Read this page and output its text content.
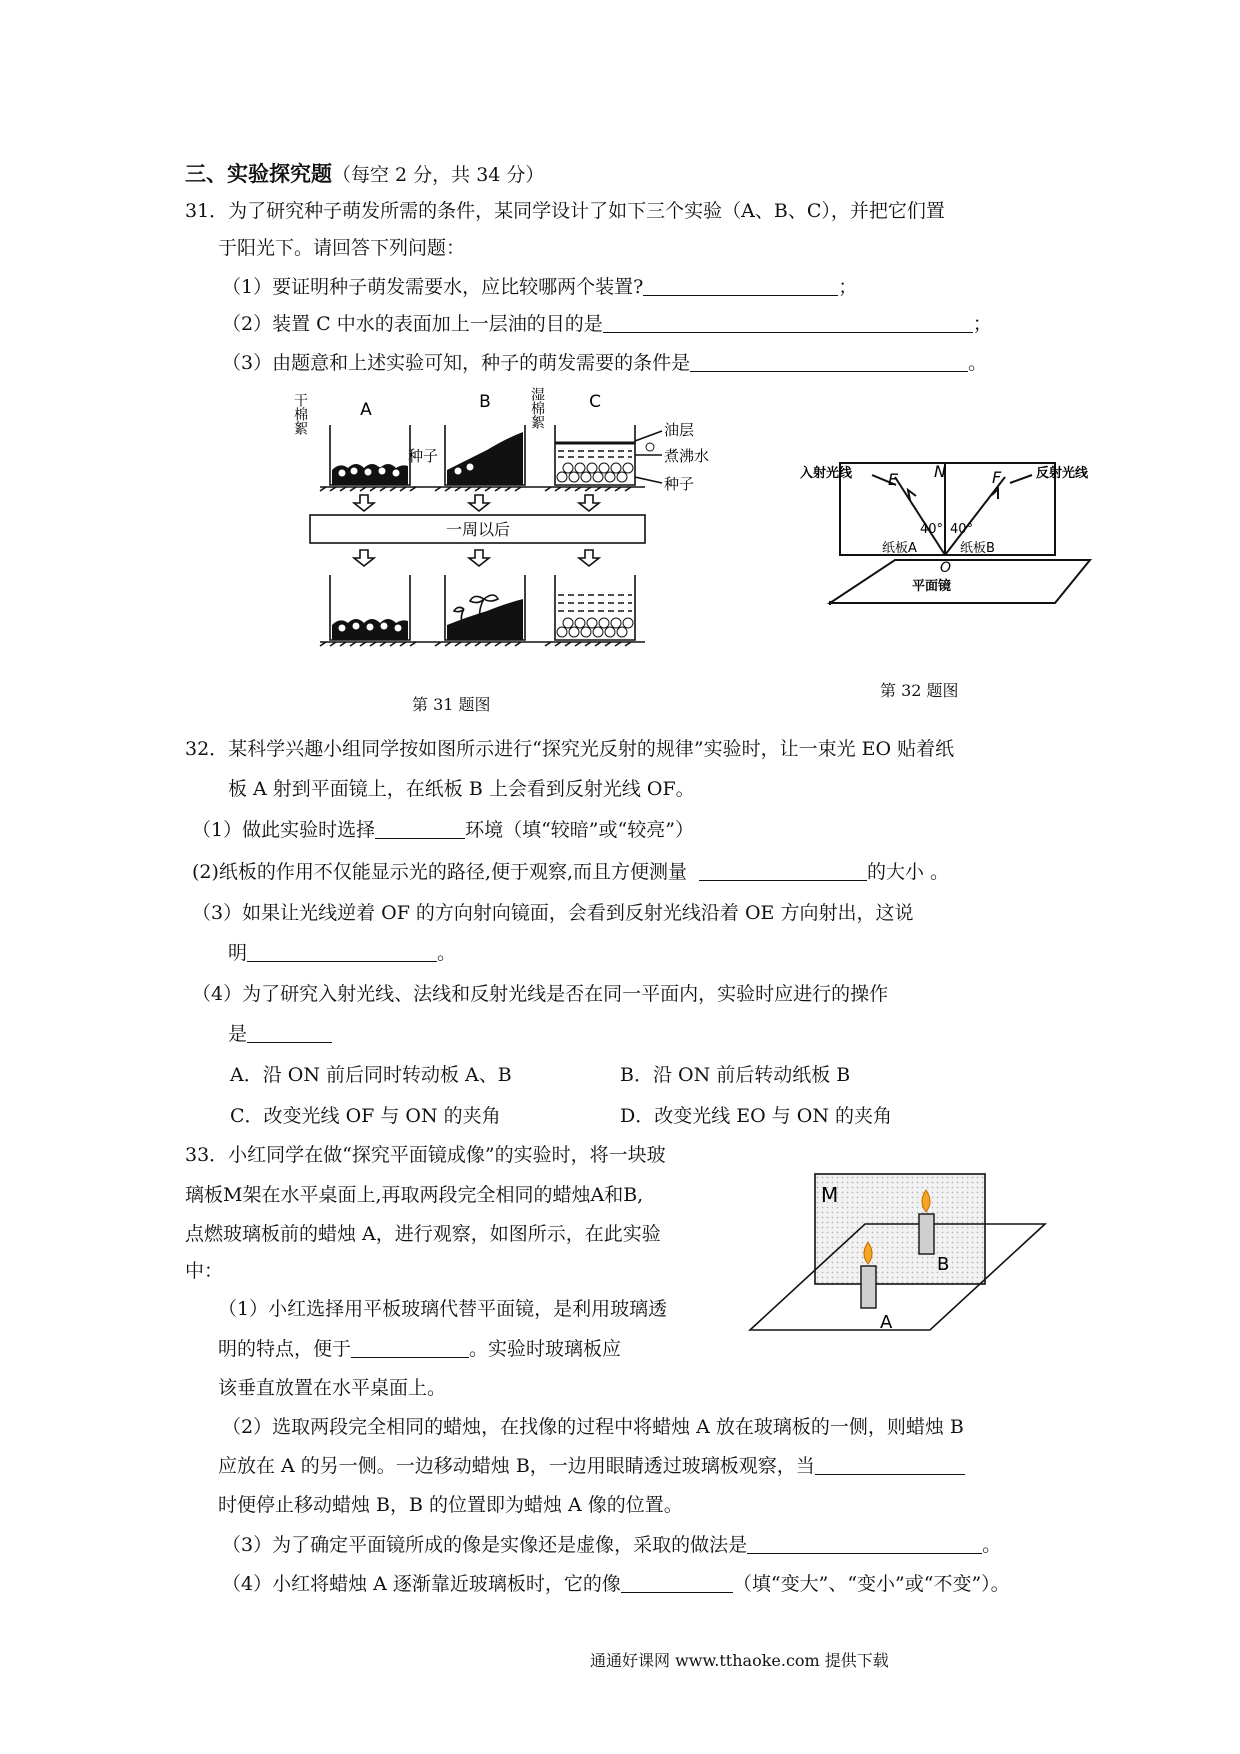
三、实验探究题（每空 2 分，共 34 分）
31．为了研究种子萌发所需的条件，某同学设计了如下三个实验（A、B、C），并把它们置
于阳光下。请回答下列问题：
（1）要证明种子萌发需要水，应比较哪两个装置?	；
（2）装置 C 中水的表面加上一层油的目的是	；
（3）由题意和上述实验可知，种子的萌发需要的条件是	。
A	B	C
干棉絮	湿棉絮
种子
油层
煮沸水
种子
一周以后
第 31 题图
入射光线	反射光线
E N	F
40° 40°
纸板A	纸板B
O
平面镜
第 32 题图
32．某科学兴趣小组同学按如图所示进行“探究光反射的规律”实验时，让一束光 EO 贴着纸
板 A 射到平面镜上，在纸板 B 上会看到反射光线 OF。
（1）做此实验时选择	环境（填“较暗”或“较亮”）
(2)纸板的作用不仅能显示光的路径,便于观察,而且方便测量	的大小 。
（3）如果让光线逆着 OF 的方向射向镜面，会看到反射光线沿着 OE 方向射出，这说
明	。
（4）为了研究入射光线、法线和反射光线是否在同一平面内，实验时应进行的操作
是
A．沿 ON 前后同时转动板 A、B	B．沿 ON 前后转动纸板 B
C．改变光线 OF 与 ON 的夹角	D．改变光线 EO 与 ON 的夹角
33．小红同学在做“探究平面镜成像”的实验时，将一块玻
璃板M架在水平桌面上,再取两段完全相同的蜡烛A和B,
点燃玻璃板前的蜡烛 A，进行观察，如图所示，在此实验
中：
（1）小红选择用平板玻璃代替平面镜，是利用玻璃透
明的特点，便于	。实验时玻璃板应
该垂直放置在水平桌面上。
（2）选取两段完全相同的蜡烛，在找像的过程中将蜡烛 A 放在玻璃板的一侧，则蜡烛 B
应放在 A 的另一侧。一边移动蜡烛 B，一边用眼睛透过玻璃板观察，当
时便停止移动蜡烛 B，B 的位置即为蜡烛 A 像的位置。
（3）为了确定平面镜所成的像是实像还是虚像，采取的做法是	。
（4）小红将蜡烛 A 逐渐靠近玻璃板时，它的像	（填“变大”、“变小”或“不变”）。
M
B
A
通通好课网 www.tthaoke.com 提供下载
